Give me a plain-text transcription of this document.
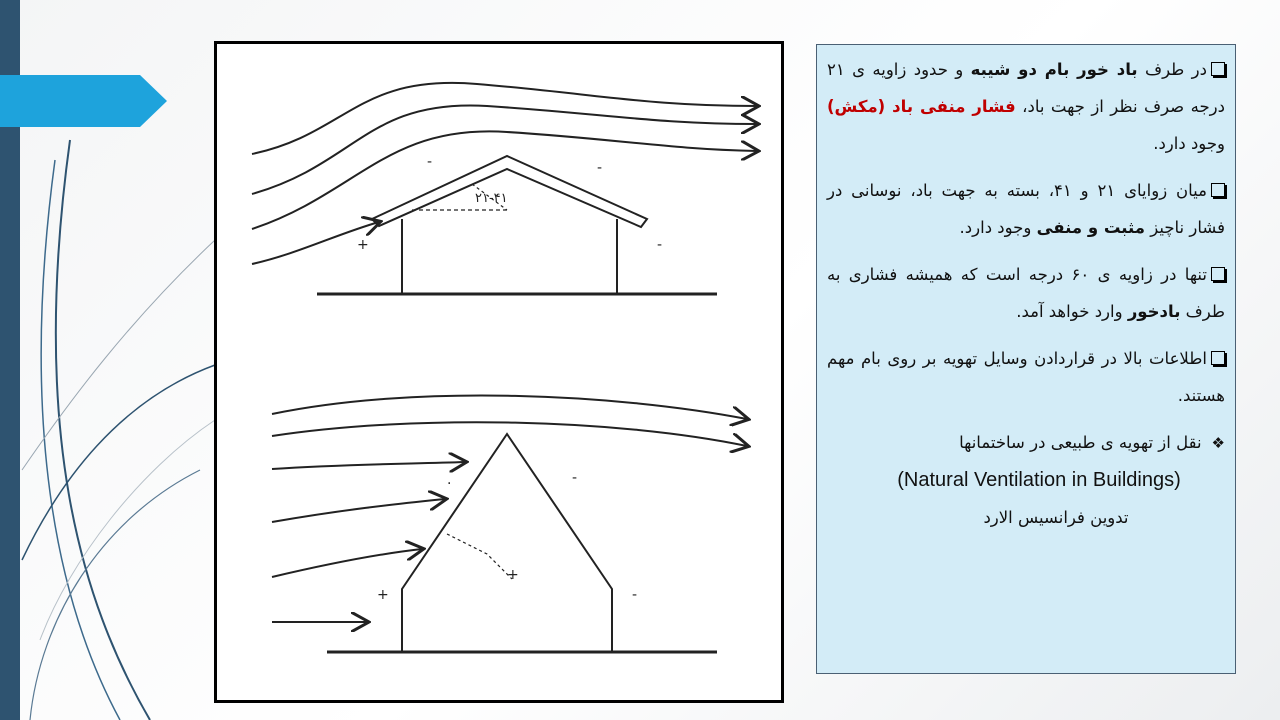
۲۱-۴۱
-	-
-
+
-
-
+
+
.
در طرف باد خور بام دو شیبه و حدود زاویه ی ۲۱ درجه صرف نظر از جهت باد، فشار منفی باد (مکش) وجود دارد.
میان زوایای ۲۱ و ۴۱، بسته به جهت باد، نوسانی در فشار ناچیز مثبت و منفی وجود دارد.
تنها در زاویه ی ۶۰ درجه است که همیشه فشاری به طرف بادخور وارد خواهد آمد.
اطلاعات بالا در قراردادن وسایل تهویه بر روی بام مهم هستند.
❖نقل از تهویه ی طبیعی در ساختمانها
(Natural Ventilation in Buildings)
تدوین فرانسیس الارد
